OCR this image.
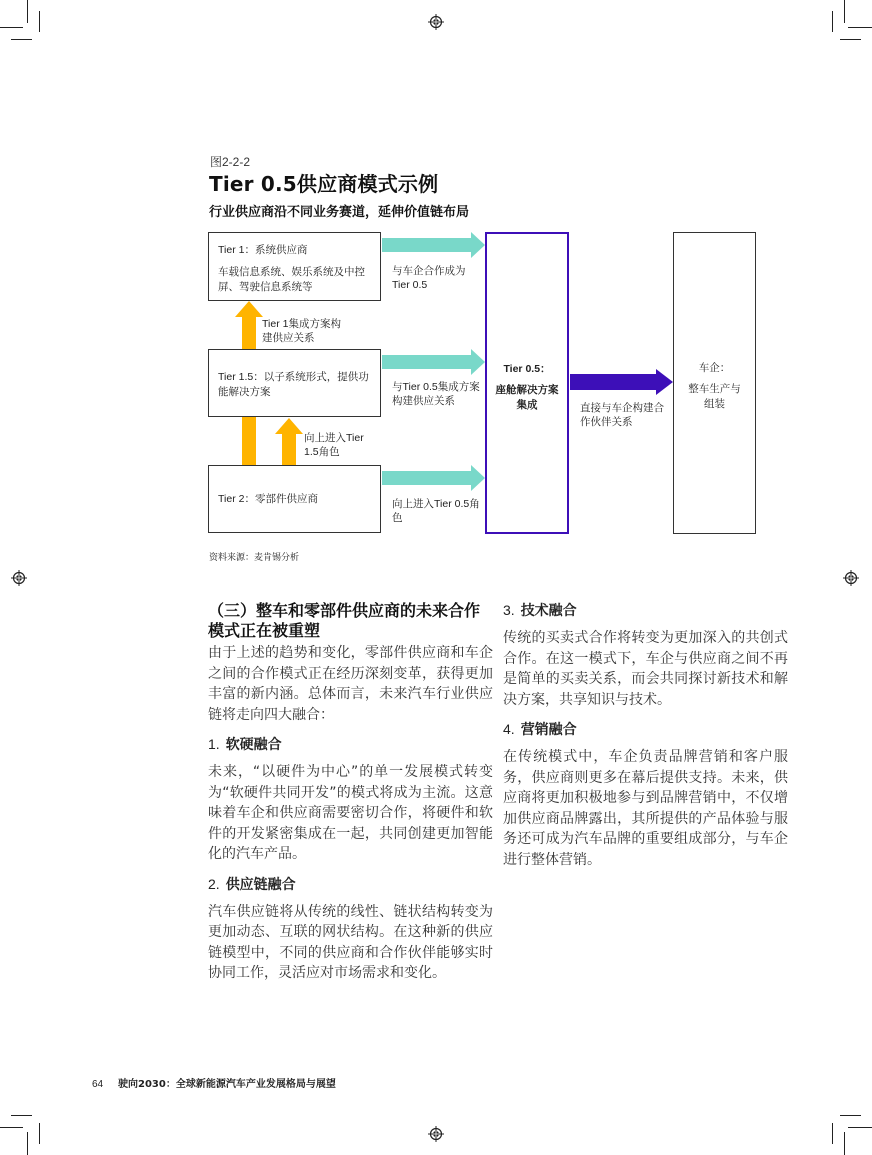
图2-2-2
Tier 0.5供应商模式示例
行业供应商沿不同业务赛道，延伸价值链布局
Tier 1：系统供应商
车载信息系统、娱乐系统及中控屏、驾驶信息系统等
Tier 1.5：以子系统形式，提供功能解决方案
Tier 2：零部件供应商
Tier 0.5：
座舱解决方案集成
车企：
整车生产与组装
与车企合作成为Tier 0.5
与Tier 0.5集成方案构建供应关系
向上进入Tier 0.5角色
Tier 1集成方案构建供应关系
向上进入Tier 1.5角色
直接与车企构建合作伙伴关系
资料来源：麦肯锡分析
（三）整车和零部件供应商的未来合作模式正在被重塑

由于上述的趋势和变化，零部件供应商和车企之间的合作模式正在经历深刻变革，获得更加丰富的新内涵。总体而言，未来汽车行业供应链将走向四大融合：

1. 软硬融合

未来，“以硬件为中心”的单一发展模式转变为“软硬件共同开发”的模式将成为主流。这意味着车企和供应商需要密切合作，将硬件和软件的开发紧密集成在一起，共同创建更加智能化的汽车产品。

2. 供应链融合

汽车供应链将从传统的线性、链状结构转变为更加动态、互联的网状结构。在这种新的供应链模型中，不同的供应商和合作伙伴能够实时协同工作，灵活应对市场需求和变化。

3. 技术融合

传统的买卖式合作将转变为更加深入的共创式合作。在这一模式下，车企与供应商之间不再是简单的买卖关系，而会共同探讨新技术和解决方案，共享知识与技术。

4. 营销融合

在传统模式中，车企负责品牌营销和客户服务，供应商则更多在幕后提供支持。未来，供应商将更加积极地参与到品牌营销中，不仅增加供应商品牌露出，其所提供的产品体验与服务还可成为汽车品牌的重要组成部分，与车企进行整体营销。

64 驶向2030：全球新能源汽车产业发展格局与展望
